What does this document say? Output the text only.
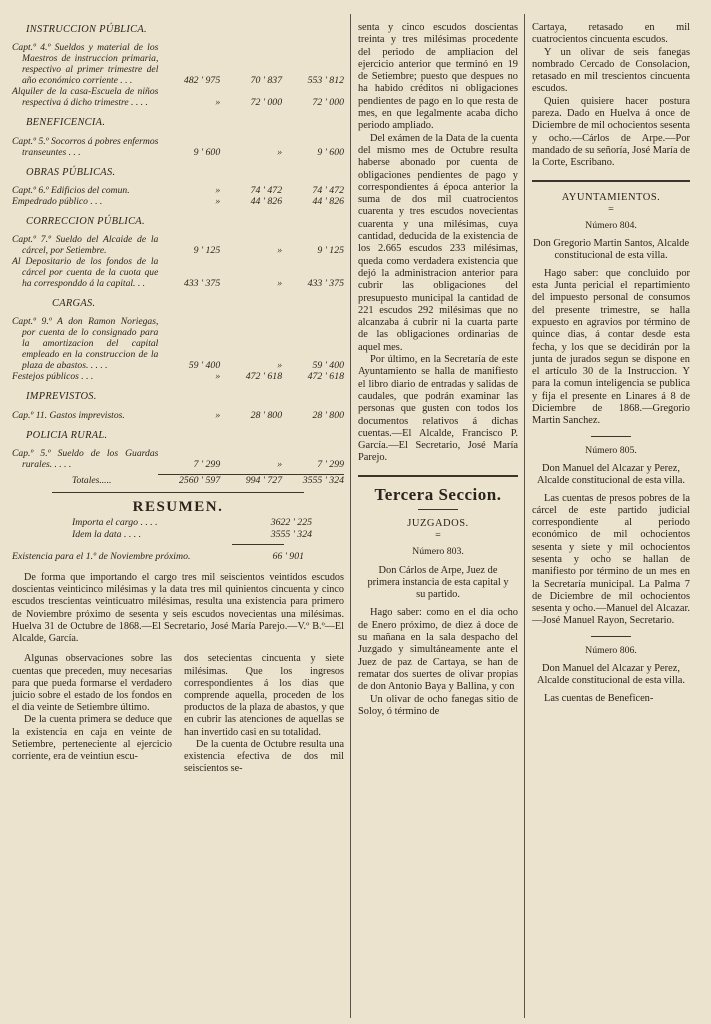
INSTRUCCION PÚBLICA.
Capt.º 4.º Sueldos y material de los Maestros de instruccion primaria, respectivo al primer trimestre del año económico corriente . . .	482 ' 975	70 ' 837	553 ' 812
Alquiler de la casa-Escuela de niños respectiva á dicho trimestre . . . .	»	72 ' 000	72 ' 000
BENEFICENCIA.
Capt.º 5.º Socorros á pobres enfermos transeuntes . . .	9 ' 600	»	9 ' 600
OBRAS PÚBLICAS.
Capt.º 6.º Edificios del comun.	»	74 ' 472	74 ' 472
Empedrado público . . .	»	44 ' 826	44 ' 826
CORRECCION PÚBLICA.
Capt.º 7.º Sueldo del Alcaide de la cárcel, por Setiembre.	9 ' 125	»	9 ' 125
Al Depositario de los fondos de la cárcel por cuenta de la cuota que ha corresponddo á la capital. . .	433 ' 375	»	433 ' 375
CARGAS.
Capt.º 9.º A don Ramon Noriegas, por cuenta de lo consignado para la amortizacion del capital empleado en la construccion de la plaza de abastos. . . . .	59 ' 400	»	59 ' 400
Festejos públicos . . .	»	472 ' 618	472 ' 618
IMPREVISTOS.
Cap.º 11. Gastos imprevistos.	»	28 ' 800	28 ' 800
POLICIA RURAL.
Cap.º 5.º Sueldo de los Guardas rurales. . . . .	7 ' 299	»	7 ' 299
Totales.....	2560 ' 597	994 ' 727	3555 ' 324
RESUMEN.
Importa el cargo . . . .	3622 ' 225
Idem la data . . . .	3555 ' 324
Existencia para el 1.º de Noviembre próximo.	66 ' 901

De forma que importando el cargo tres mil seiscientos veintidos escudos doscientas veinticinco milésimas y la data tres mil quinientos cincuenta y cinco escudos trescientas veinticuatro milésimas, resulta una existencia para primero de Noviembre próximo de sesenta y seis escudos novecientas una milésimas. Huelva 31 de Octubre de 1868.—El Secretario, José María Parejo.—V.º B.º—El Alcalde, García.

Algunas observaciones sobre las cuentas que preceden, muy necesarias para que pueda formarse el verdadero juicio sobre el estado de los fondos en el dia veinte de Setiembre último.

De la cuenta primera se deduce que la existencia en caja en veinte de Setiembre, perteneciente al ejercicio corriente, era de veintiun escu-

dos setecientas cincuenta y siete milésimas. Que los ingresos correspondientes á los dias que comprende aquella, proceden de los productos de la plaza de abastos, y que en cubrir las atenciones de aquellas se han invertido casi en su totalidad.

De la cuenta de Octubre resulta una existencia efectiva de dos mil seiscientos se-

senta y cinco escudos doscientas treinta y tres milésimas procedente del periodo de ampliacion del ejercicio anterior que terminó en 19 de Setiembre; puesto que despues no ha habido créditos ni obligaciones pendientes de pago en lo que resta de mes, en que legalmente acaba dicho periodo ampliado.

Del exámen de la Data de la cuenta del mismo mes de Octubre resulta haberse abonado por cuenta de obligaciones pendientes de pago y correspondientes á época anterior la suma de dos mil cuatrocientos cuarenta y tres escudos novecientas cuarenta y una milésimas, cuya cantidad, deducida de la existencia de los 2.665 escudos 233 milésimas, queda como verdadera existencia que dejó la administracion anterior para cubrir las obligaciones del presupuesto municipal la cantidad de 221 escudos 292 milésimas que no alcanzaba á cubrir ni la cuarta parte de las obligaciones ordinarias de aquel mes.

Por último, en la Secretaría de este Ayuntamiento se halla de manifiesto el libro diario de entradas y salidas de caudales, que podrán examinar las personas que gusten con todos los documentos relativos á dichas cuentas.—El Alcalde, Francisco P. García.—El Secretario, José María Parejo.

Tercera Seccion.
JUZGADOS.
=
Número 803.

Don Cárlos de Arpe, Juez de primera instancia de esta capital y su partido.

Hago saber: como en el dia ocho de Enero próximo, de diez á doce de su mañana en la sala despacho del Juzgado y simultáneamente ante el Juez de paz de Cartaya, se han de rematar dos suertes de olivar propias de don Antonio Baya y Ballina, y con

Un olivar de ocho fanegas sitio de Soloy, ó término de

Cartaya, retasado en mil cuatrocientos cincuenta escudos.

Y un olivar de seis fanegas nombrado Cercado de Consolacion, retasado en mil trescientos cincuenta escudos.

Quien quisiere hacer postura pareza. Dado en Huelva á once de Diciembre de mil ochocientos sesenta y ocho.—Cárlos de Arpe.—Por mandado de su señoría, José María de la Corte, Escribano.

AYUNTAMIENTOS.
=
Número 804.

Don Gregorio Martin Santos, Alcalde constitucional de esta villa.

Hago saber: que concluido por esta Junta pericial el repartimiento del impuesto personal de consumos del presente trimestre, se halla expuesto en agravios por término de quince dias, á contar desde esta fecha, y los que se decidirán por la junta de jurados segun se dispone en el artículo 30 de la Instruccion. Y para la comun inteligencia se publica y fija el presente en Linares á 8 de Diciembre de 1868.—Gregorio Martin Sanchez.

Número 805.

Don Manuel del Alcazar y Perez, Alcalde constitucional de esta villa.

Las cuentas de presos pobres de la cárcel de este partido judicial correspondiente al periodo económico de mil ochocientos sesenta y siete y mil ochocientos sesenta y ocho se hallan de manifiesto por término de un mes en la Secretaría municipal. La Palma 7 de Diciembre de mil ochocientos sesenta y ocho.—Manuel del Alcazar.—José Manuel Rayon, Secretario.

Número 806.

Don Manuel del Alcazar y Perez, Alcalde constitucional de esta villa.

Las cuentas de Beneficen-
